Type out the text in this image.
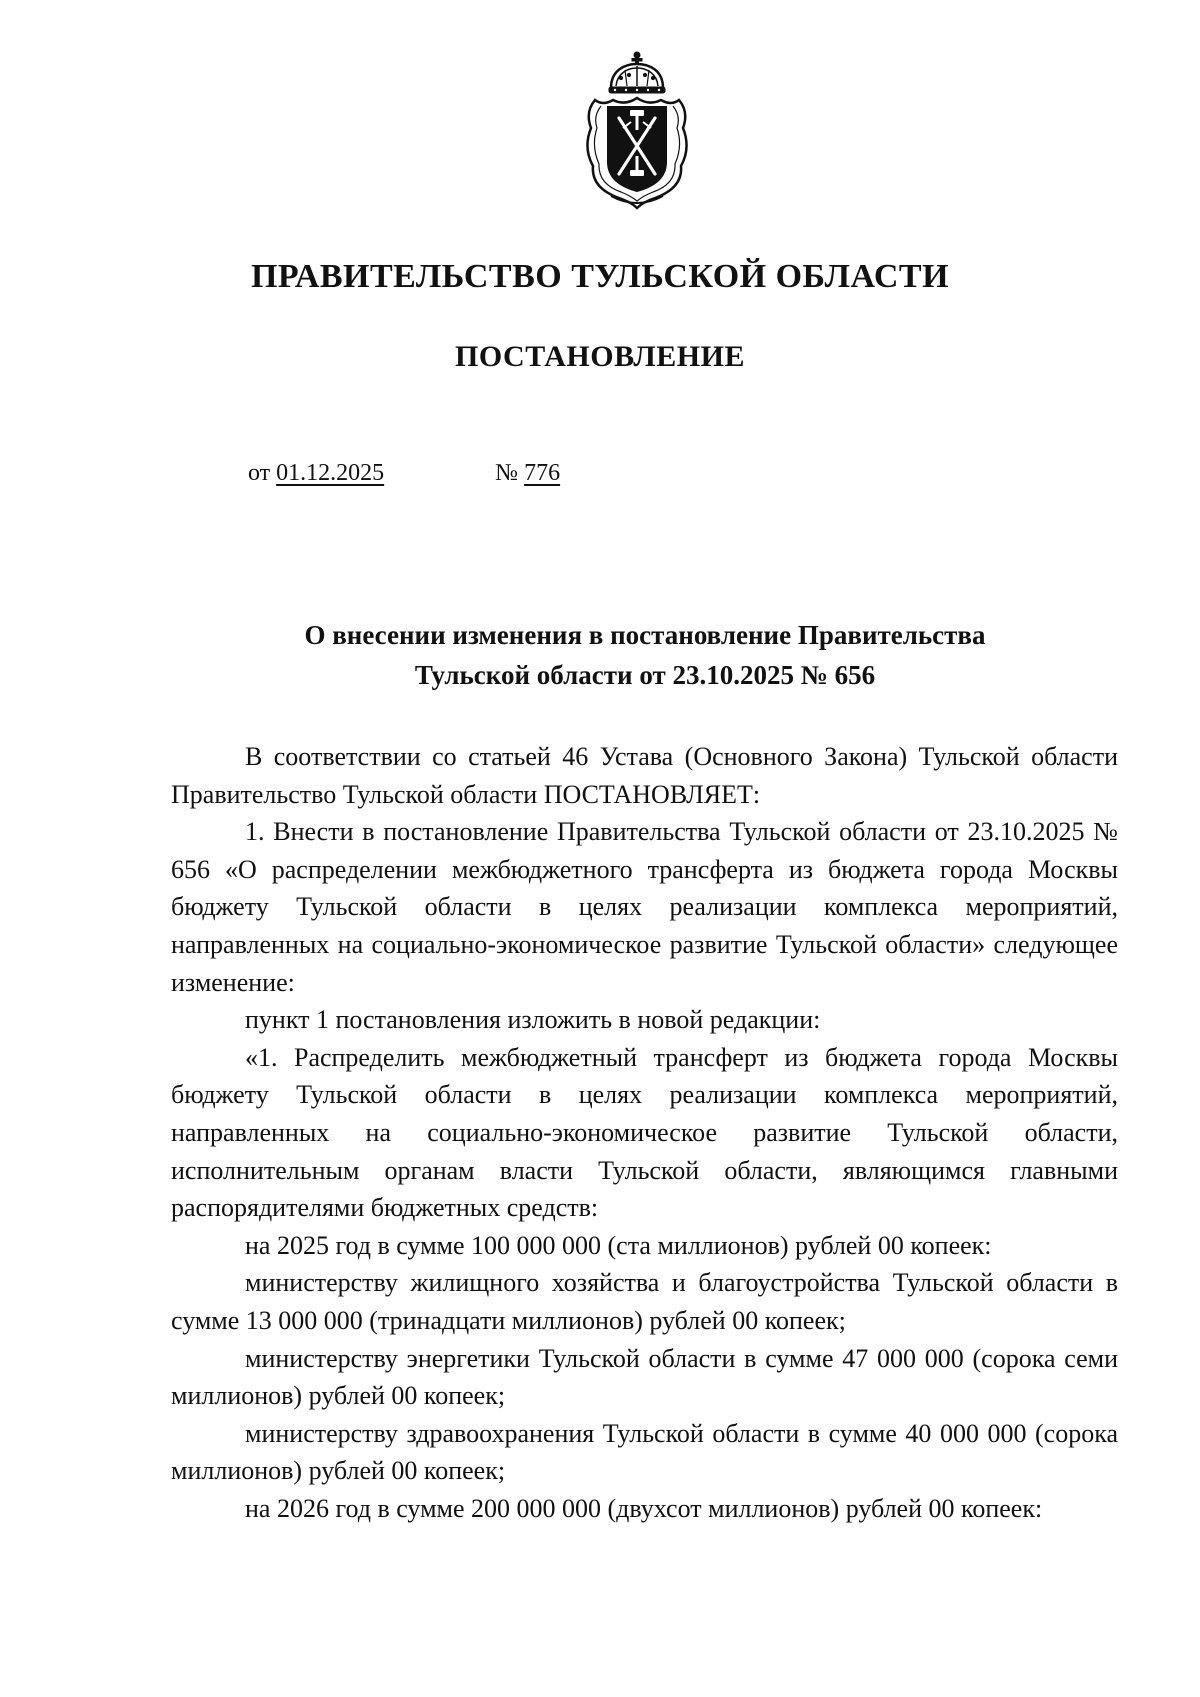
ПРАВИТЕЛЬСТВО ТУЛЬСКОЙ ОБЛАСТИ
ПОСТАНОВЛЕНИЕ
от 01.12.2025	№ 776
О внесении изменения в постановление Правительства
Тульской области от 23.10.2025 № 656

В соответствии со статьей 46 Устава (Основного Закона) Тульской области Правительство Тульской области ПОСТАНОВЛЯЕТ:

1. Внести в постановление Правительства Тульской области от 23.10.2025 № 656 «О распределении межбюджетного трансферта из бюджета города Москвы бюджету Тульской области в целях реализации комплекса мероприятий, направленных на социально-экономическое развитие Тульской области» следующее изменение:

пункт 1 постановления изложить в новой редакции:

«1. Распределить межбюджетный трансферт из бюджета города Москвы бюджету Тульской области в целях реализации комплекса мероприятий, направленных на социально-экономическое развитие Тульской области, исполнительным органам власти Тульской области, являющимся главными распорядителями бюджетных средств:

на 2025 год в сумме 100 000 000 (ста миллионов) рублей 00 копеек:

министерству жилищного хозяйства и благоустройства Тульской области в сумме 13 000 000 (тринадцати миллионов) рублей 00 копеек;

министерству энергетики Тульской области в сумме 47 000 000 (сорока семи миллионов) рублей 00 копеек;

министерству здравоохранения Тульской области в сумме 40 000 000 (сорока миллионов) рублей 00 копеек;

на 2026 год в сумме 200 000 000 (двухсот миллионов) рублей 00 копеек:
